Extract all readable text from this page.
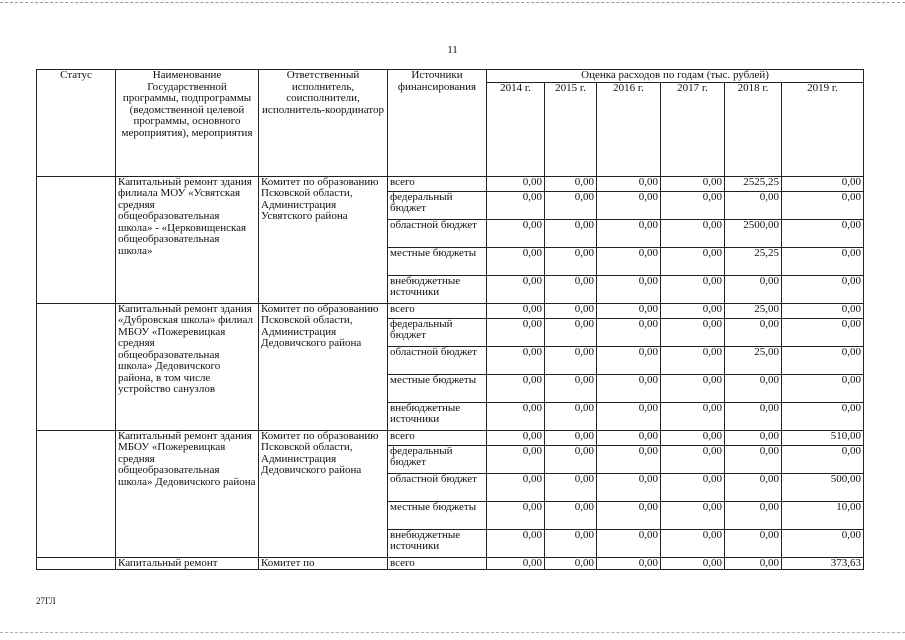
11
Статус	Наименование Государственной программы, подпрограммы (ведомственной целевой программы, основного мероприятия), мероприятия	Ответственный исполнитель, соисполнители, исполнитель-координатор	Источники финансирования	Оценка расходов по годам (тыс. рублей)					
				2014 г.	2015 г.	2016 г.	2017 г.	2018 г.	2019 г.
	Капитальный ремонт здания филиала МОУ «Усвятская средняя общеобразовательная школа» - «Церковищенская общеобразовательная школа»	Комитет по образованию Псковской области, Администрация Усвятского района	всего	0,00	0,00	0,00	0,00	2525,25	0,00
			федеральный бюджет	0,00	0,00	0,00	0,00	0,00	0,00
			областной бюджет	0,00	0,00	0,00	0,00	2500,00	0,00
			местные бюджеты	0,00	0,00	0,00	0,00	25,25	0,00
			внебюджетные источники	0,00	0,00	0,00	0,00	0,00	0,00
	Капитальный ремонт здания «Дубровская школа» филиал МБОУ «Пожеревицкая средняя общеобразовательная школа» Дедовичского района, в том числе устройство санузлов	Комитет по образованию Псковской области, Администрация Дедовичского района	всего	0,00	0,00	0,00	0,00	25,00	0,00
			федеральный бюджет	0,00	0,00	0,00	0,00	0,00	0,00
			областной бюджет	0,00	0,00	0,00	0,00	25,00	0,00
			местные бюджеты	0,00	0,00	0,00	0,00	0,00	0,00
			внебюджетные источники	0,00	0,00	0,00	0,00	0,00	0,00
	Капитальный ремонт здания МБОУ «Пожеревицкая средняя общеобразовательная школа» Дедовичского района	Комитет по образованию Псковской области, Администрация Дедовичского района	всего	0,00	0,00	0,00	0,00	0,00	510,00
			федеральный бюджет	0,00	0,00	0,00	0,00	0,00	0,00
			областной бюджет	0,00	0,00	0,00	0,00	0,00	500,00
			местные бюджеты	0,00	0,00	0,00	0,00	0,00	10,00
			внебюджетные источники	0,00	0,00	0,00	0,00	0,00	0,00
	Капитальный ремонт	Комитет по	всего	0,00	0,00	0,00	0,00	0,00	373,63
27ГЛ
